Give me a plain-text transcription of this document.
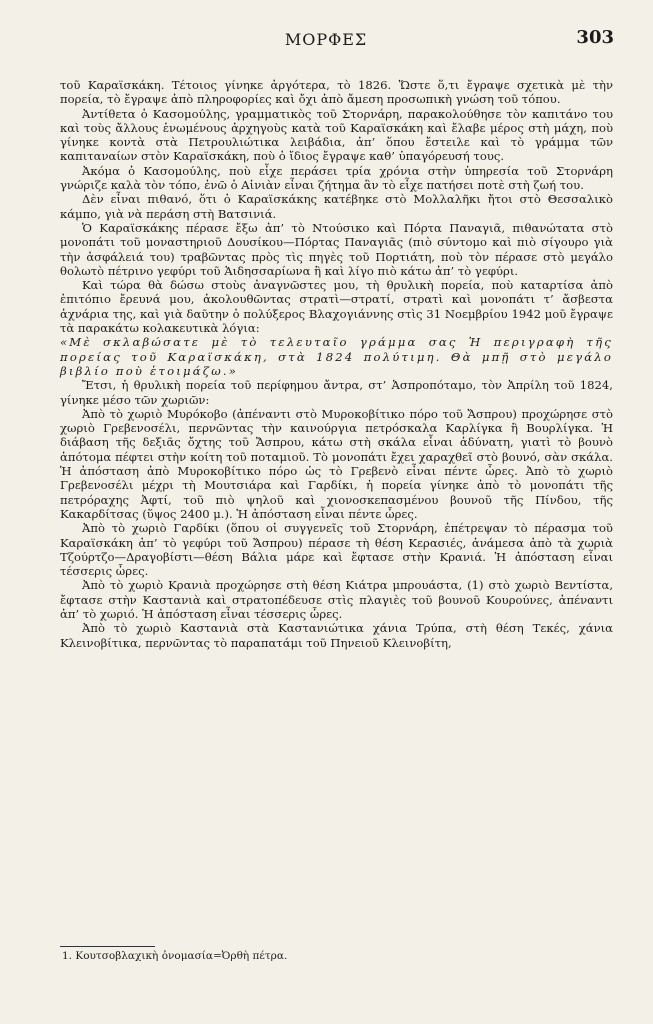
ΜΟΡΦΕΣ	303

τοῦ Καραϊσκάκη. Τέτοιος γίνηκε ἀργότερα, τὸ 1826. Ὥστε ὅ,τι ἔγραψε σχετικὰ μὲ τὴν πορεία, τὸ ἔγραψε ἀπὸ πληροφορίες καὶ ὄχι ἀπὸ ἄμεση προσωπικὴ γνώση τοῦ τόπου.

Ἀντίθετα ὁ Κασομούλης, γραμματικὸς τοῦ Στορνάρη, παρακολούθησε τὸν καπιτάνο του καὶ τοὺς ἄλλους ἑνωμένους ἀρχηγοὺς κατὰ τοῦ Καραϊσκάκη καὶ ἔλαβε μέρος στὴ μάχη, ποὺ γίνηκε κοντὰ στὰ Πετρουλιώτικα λειβάδια, ἀπ’ ὅπου ἔστειλε καὶ τὸ γράμμα τῶν καπιταναίων στὸν Καραϊσκάκη, ποὺ ὁ ἴδιος ἔγραψε καθ’ ὑπαγόρευσή τους.

Ἀκόμα ὁ Κασομούλης, ποὺ εἶχε περάσει τρία χρόνια στὴν ὑπηρεσία τοῦ Στορνάρη γνώριζε καλὰ τὸν τόπο, ἐνῶ ὁ Αἰνιὰν εἶναι ζήτημα ἂν τὸ εἶχε πατήσει ποτὲ στὴ ζωή του.

Δὲν εἶναι πιθανό, ὅτι ὁ Καραϊσκάκης κατέβηκε στὸ Μολλαλῆκι ἤτοι στὸ Θεσσαλικὸ κάμπο, γιὰ νὰ περάση στὴ Βατσινιά.

Ὁ Καραϊσκάκης πέρασε ἔξω ἀπ’ τὸ Ντούσικο καὶ Πόρτα Παναγιᾶ, πιθανώτατα στὸ μονοπάτι τοῦ μοναστηριοῦ Δουσίκου—Πόρτας Παναγιᾶς (πιὸ σύντομο καὶ πιὸ σίγουρο γιὰ τὴν ἀσφάλειά του) τραβῶντας πρὸς τὶς πηγὲς τοῦ Πορτιάτη, ποὺ τὸν πέρασε στὸ μεγάλο θολωτὸ πέτρινο γεφύρι τοῦ Ἁιδησσαρίωνα ἢ καὶ λίγο πιὸ κάτω ἀπ’ τὸ γεφύρι.

Καὶ τώρα θὰ δώσω στοὺς ἀναγνῶστες μου, τὴ θρυλικὴ πορεία, ποὺ καταρτίσα ἀπὸ ἐπιτόπιο ἔρευνά μου, ἀκολουθῶντας στρατὶ—στρατί, στρατὶ καὶ μονοπάτι τ’ ἄσβεστα ἀχνάρια της, καὶ γιὰ δαῦτην ὁ πολύξερος Βλαχογιάννης στὶς 31 Νοεμβρίου 1942 μοῦ ἔγραψε τὰ παρακάτω κολακευτικὰ λόγια:

«Μὲ σκλαβώσατε μὲ τὸ τελευταῖο γράμμα σας Ἡ περιγραφὴ τῆς πορείας τοῦ Καραϊσκάκη, στὰ 1824 πολύτιμη. Θὰ μπῇ στὸ μεγάλο βιβλίο ποὺ ἑτοιμάζω.»

Ἔτσι, ἡ θρυλικὴ πορεία τοῦ περίφημου ἄντρα, στ’ Ἀσπροπόταμο, τὸν Ἀπρίλη τοῦ 1824, γίνηκε μέσο τῶν χωριῶν:

Ἀπὸ τὸ χωριὸ Μυρόκοβο (ἀπέναντι στὸ Μυροκοβίτικο πόρο τοῦ Ἄσπρου) προχώρησε στὸ χωριὸ Γρεβενοσέλι, περνῶντας τὴν καινούργια πετρόσκαλα Καρλίγκα ἢ Βουρλίγκα. Ἡ διάβαση τῆς δεξιᾶς ὄχτης τοῦ Ἄσπρου, κάτω στὴ σκάλα εἶναι ἀδύνατη, γιατὶ τὸ βουνὸ ἀπότομα πέφτει στὴν κοίτη τοῦ ποταμιοῦ. Τὸ μονοπάτι ἔχει χαραχθεῖ στὸ βουνό, σὰν σκάλα. Ἡ ἀπόσταση ἀπὸ Μυροκοβίτικο πόρο ὡς τὸ Γρεβενὸ εἶναι πέντε ὧρες. Ἀπὸ τὸ χωριὸ Γρεβενοσέλι μέχρι τὴ Μουτσιάρα καὶ Γαρδίκι, ἡ πορεία γίνηκε ἀπὸ τὸ μονοπάτι τῆς πετρόραχης Ἀφτί, τοῦ πιὸ ψηλοῦ καὶ χιονοσκεπασμένου βουνοῦ τῆς Πίνδου, τῆς Κακαρδίτσας (ὕψος 2400 μ.). Ἡ ἀπόσταση εἶναι πέντε ὧρες.

Ἀπὸ τὸ χωριὸ Γαρδίκι (ὅπου οἱ συγγενεῖς τοῦ Στορνάρη, ἐπέτρεψαν τὸ πέρασμα τοῦ Καραϊσκάκη ἀπ’ τὸ γεφύρι τοῦ Ἄσπρου) πέρασε τὴ θέση Κερασιές, ἀνάμεσα ἀπὸ τὰ χωριὰ Τζούρτζο—Δραγοβίστι—θέση Βάλια μάρε καὶ ἔφτασε στὴν Κρανιά. Ἡ ἀπόσταση εἶναι τέσσερις ὧρες.

Ἀπὸ τὸ χωριὸ Κρανιὰ προχώρησε στὴ θέση Κιάτρα μπρουάστα, (1) στὸ χωριὸ Βεντίστα, ἔφτασε στὴν Καστανιὰ καὶ στρατοπέδευσε στὶς πλαγιὲς τοῦ βουνοῦ Κουρούνες, ἀπέναντι ἀπ’ τὸ χωριό. Ἡ ἀπόσταση εἶναι τέσσερις ὧρες.

Ἀπὸ τὸ χωριὸ Καστανιὰ στὰ Καστανιώτικα χάνια Τρύπα, στὴ θέση Τεκές, χάνια Κλεινοβίτικα, περνῶντας τὸ παραπατάμι τοῦ Πηνειοῦ Κλεινοβίτη,

1. Κουτσοβλαχικὴ ὀνομασία=Ὀρθὴ πέτρα.
